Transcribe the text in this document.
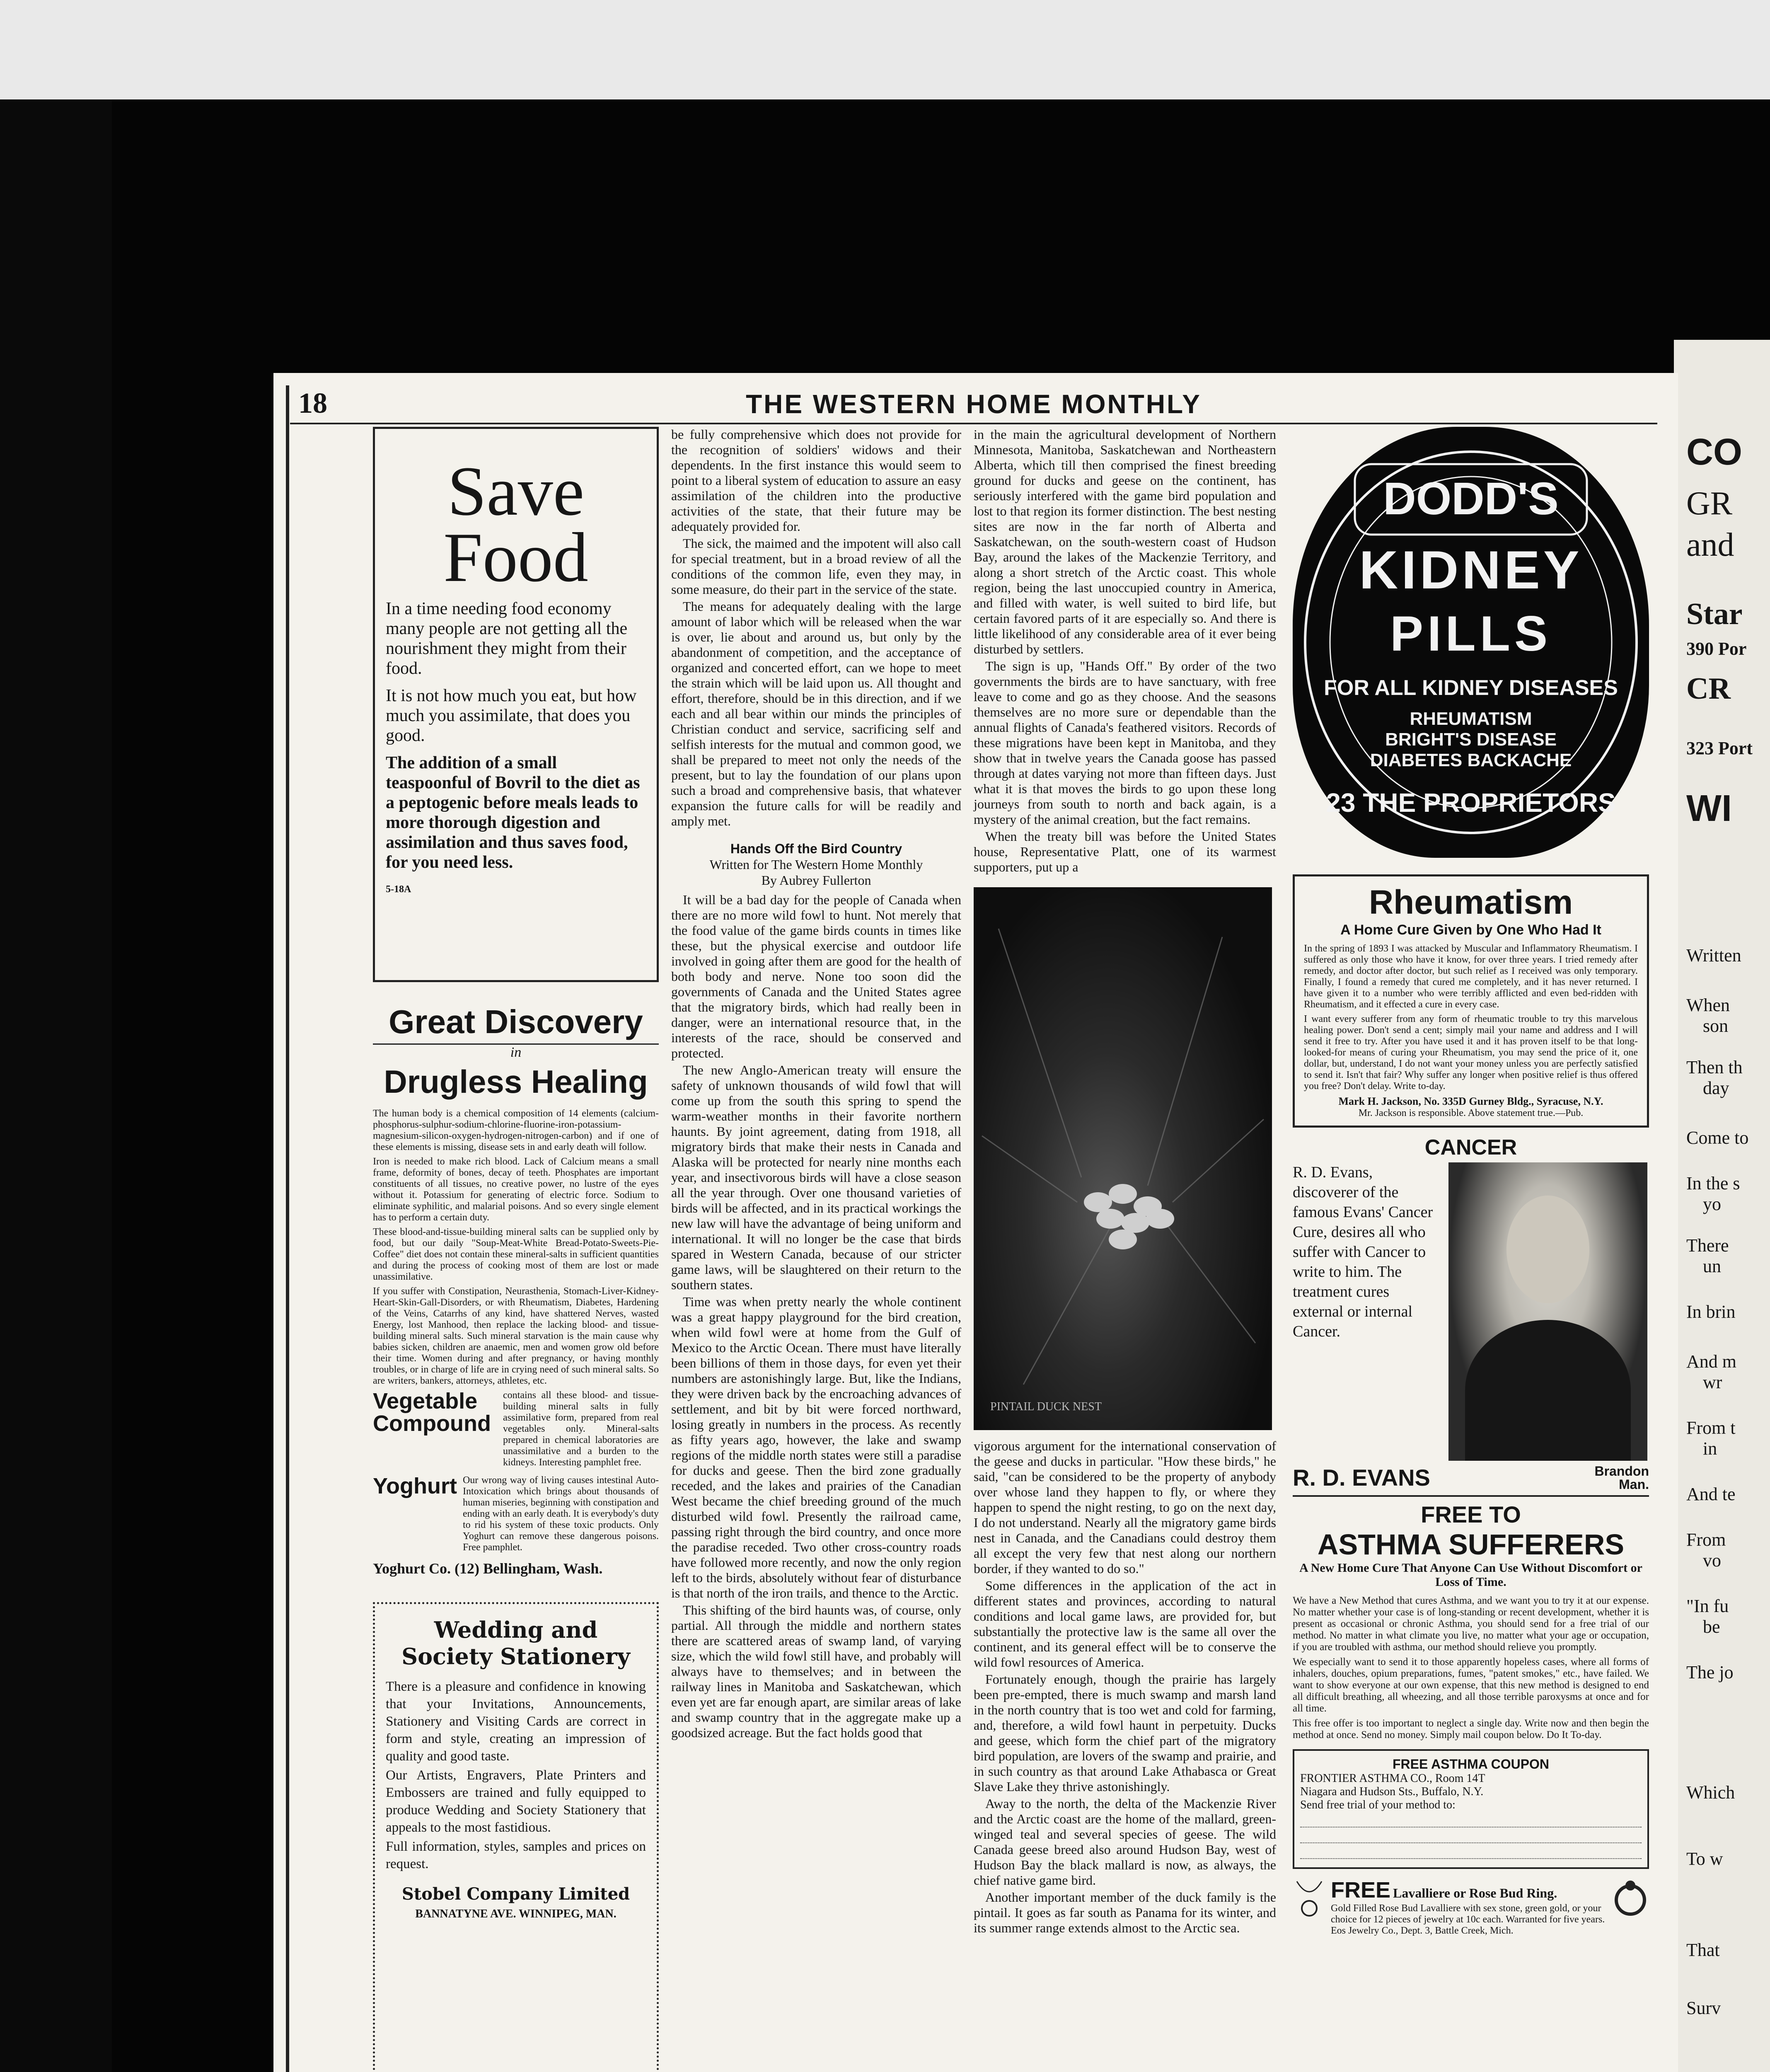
CO
GR
and
Star
390 Por
CR
323 Port
WI
Written
When
son
Then th
day
Come to
In the s
yo
There
un
In brin
And m
wr
From t
in
And te
From
vo
"In fu
be
The jo
Which
To w
That
Surv
18	THE WESTERN HOME MONTHLY
Save Food

In a time needing food economy many people are not getting all the nourishment they might from their food.

It is not how much you eat, but how much you assimilate, that does you good.

The addition of a small teaspoonful of Bovril to the diet as a peptogenic before meals leads to more thorough digestion and assimilation and thus saves food, for you need less.

5-18A
Great Discovery
in
Drugless Healing

The human body is a chemical composition of 14 elements (calcium-phosphorus-sulphur-sodium-chlorine-fluorine-iron-potassium-magnesium-silicon-oxygen-hydrogen-nitrogen-carbon) and if one of these elements is missing, disease sets in and early death will follow.

Iron is needed to make rich blood. Lack of Calcium means a small frame, deformity of bones, decay of teeth. Phosphates are important constituents of all tissues, no creative power, no lustre of the eyes without it. Potassium for generating of electric force. Sodium to eliminate syphilitic, and malarial poisons. And so every single element has to perform a certain duty.

These blood-and-tissue-building mineral salts can be supplied only by food, but our daily "Soup-Meat-White Bread-Potato-Sweets-Pie-Coffee" diet does not contain these mineral-salts in sufficient quantities and during the process of cooking most of them are lost or made unassimilative.

If you suffer with Constipation, Neurasthenia, Stomach-Liver-Kidney-Heart-Skin-Gall-Disorders, or with Rheumatism, Diabetes, Hardening of the Veins, Catarrhs of any kind, have shattered Nerves, wasted Energy, lost Manhood, then replace the lacking blood- and tissue-building mineral salts. Such mineral starvation is the main cause why babies sicken, children are anaemic, men and women grow old before their time. Women during and after pregnancy, or having monthly troubles, or in charge of life are in crying need of such mineral salts. So are writers, bankers, attorneys, athletes, etc.

Vegetable Compound
contains all these blood- and tissue-building mineral salts in fully assimilative form, prepared from real vegetables only. Mineral-salts prepared in chemical laboratories are unassimilative and a burden to the kidneys. Interesting pamphlet free.
Yoghurt Our wrong way of living causes intestinal Auto-Intoxication which brings about thousands of human miseries, beginning with constipation and ending with an early death. It is everybody's duty to rid his system of these toxic products. Only Yoghurt can remove these dangerous poisons. Free pamphlet.
Yoghurt Co. (12) Bellingham, Wash.
Wedding and
Society Stationery

There is a pleasure and confidence in knowing that your Invitations, Announcements, Stationery and Visiting Cards are correct in form and style, creating an impression of quality and good taste.

Our Artists, Engravers, Plate Printers and Embossers are trained and fully equipped to produce Wedding and Society Stationery that appeals to the most fastidious.

Full information, styles, samples and prices on request.

Stobel Company Limited
BANNATYNE AVE. WINNIPEG, MAN.

be fully comprehensive which does not provide for the recognition of soldiers' widows and their dependents. In the first instance this would seem to point to a liberal system of education to assure an easy assimilation of the children into the productive activities of the state, that their future may be adequately provided for.

The sick, the maimed and the impotent will also call for special treatment, but in a broad review of all the conditions of the common life, even they may, in some measure, do their part in the service of the state.

The means for adequately dealing with the large amount of labor which will be released when the war is over, lie about and around us, but only by the abandonment of competition, and the acceptance of organized and concerted effort, can we hope to meet the strain which will be laid upon us. All thought and effort, therefore, should be in this direction, and if we each and all bear within our minds the principles of Christian conduct and service, sacrificing self and selfish interests for the mutual and common good, we shall be prepared to meet not only the needs of the present, but to lay the foundation of our plans upon such a broad and comprehensive basis, that whatever expansion the future calls for will be readily and amply met.

Hands Off the Bird Country
Written for The Western Home Monthly
By Aubrey Fullerton

It will be a bad day for the people of Canada when there are no more wild fowl to hunt. Not merely that the food value of the game birds counts in times like these, but the physical exercise and outdoor life involved in going after them are good for the health of both body and nerve. None too soon did the governments of Canada and the United States agree that the migratory birds, which had really been in danger, were an international resource that, in the interests of the race, should be conserved and protected.

The new Anglo-American treaty will ensure the safety of unknown thousands of wild fowl that will come up from the south this spring to spend the warm-weather months in their favorite northern haunts. By joint agreement, dating from 1918, all migratory birds that make their nests in Canada and Alaska will be protected for nearly nine months each year, and insectivorous birds will have a close season all the year through. Over one thousand varieties of birds will be affected, and in its practical workings the new law will have the advantage of being uniform and international. It will no longer be the case that birds spared in Western Canada, because of our stricter game laws, will be slaughtered on their return to the southern states.

Time was when pretty nearly the whole continent was a great happy playground for the bird creation, when wild fowl were at home from the Gulf of Mexico to the Arctic Ocean. There must have literally been billions of them in those days, for even yet their numbers are astonishingly large. But, like the Indians, they were driven back by the encroaching advances of settlement, and bit by bit were forced northward, losing greatly in numbers in the process. As recently as fifty years ago, however, the lake and swamp regions of the middle north states were still a paradise for ducks and geese. Then the bird zone gradually receded, and the lakes and prairies of the Canadian West became the chief breeding ground of the much disturbed wild fowl. Presently the railroad came, passing right through the bird country, and once more the paradise receded. Two other cross-country roads have followed more recently, and now the only region left to the birds, absolutely without fear of disturbance is that north of the iron trails, and thence to the Arctic.

This shifting of the bird haunts was, of course, only partial. All through the middle and northern states there are scattered areas of swamp land, of varying size, which the wild fowl still have, and probably will always have to themselves; and in between the railway lines in Manitoba and Saskatchewan, which even yet are far enough apart, are similar areas of lake and swamp country that in the aggregate make up a goodsized acreage. But the fact holds good that

in the main the agricultural development of Northern Minnesota, Manitoba, Saskatchewan and Northeastern Alberta, which till then comprised the finest breeding ground for ducks and geese on the continent, has seriously interfered with the game bird population and lost to that region its former distinction. The best nesting sites are now in the far north of Alberta and Saskatchewan, on the south-western coast of Hudson Bay, around the lakes of the Mackenzie Territory, and along a short stretch of the Arctic coast. This whole region, being the last unoccupied country in America, and filled with water, is well suited to bird life, but certain favored parts of it are especially so. And there is little likelihood of any considerable area of it ever being disturbed by settlers.

The sign is up, "Hands Off." By order of the two governments the birds are to have sanctuary, with free leave to come and go as they choose. And the seasons themselves are no more sure or dependable than the annual flights of Canada's feathered visitors. Records of these migrations have been kept in Manitoba, and they show that in twelve years the Canada goose has passed through at dates varying not more than fifteen days. Just what it is that moves the birds to go upon these long journeys from south to north and back again, is a mystery of the animal creation, but the fact remains.

When the treaty bill was before the United States house, Representative Platt, one of its warmest supporters, put up a

PINTAIL DUCK NEST

vigorous argument for the international conservation of the geese and ducks in particular. "How these birds," he said, "can be considered to be the property of anybody over whose land they happen to fly, or where they happen to spend the night resting, to go on the next day, I do not understand. Nearly all the migratory game birds nest in Canada, and the Canadians could destroy them all except the very few that nest along our northern border, if they wanted to do so."

Some differences in the application of the act in different states and provinces, according to natural conditions and local game laws, are provided for, but substantially the protective law is the same all over the continent, and its general effect will be to conserve the wild fowl resources of America.

Fortunately enough, though the prairie has largely been pre-empted, there is much swamp and marsh land in the north country that is too wet and cold for farming, and, therefore, a wild fowl haunt in perpetuity. Ducks and geese, which form the chief part of the migratory bird population, are lovers of the swamp and prairie, and in such country as that around Lake Athabasca or Great Slave Lake they thrive astonishingly.

Away to the north, the delta of the Mackenzie River and the Arctic coast are the home of the mallard, green-winged teal and several species of geese. The wild Canada geese breed also around Hudson Bay, west of Hudson Bay the black mallard is now, as always, the chief native game bird.

Another important member of the duck family is the pintail. It goes as far south as Panama for its winter, and its summer range extends almost to the Arctic sea.

DODD'S
KIDNEY
PILLS
FOR ALL KIDNEY DISEASES
RHEUMATISM
BRIGHT'S DISEASE
DIABETES BACKACHE
23 THE PROPRIETORS
Rheumatism
A Home Cure Given by One Who Had It

In the spring of 1893 I was attacked by Muscular and Inflammatory Rheumatism. I suffered as only those who have it know, for over three years. I tried remedy after remedy, and doctor after doctor, but such relief as I received was only temporary. Finally, I found a remedy that cured me completely, and it has never returned. I have given it to a number who were terribly afflicted and even bed-ridden with Rheumatism, and it effected a cure in every case.

I want every sufferer from any form of rheumatic trouble to try this marvelous healing power. Don't send a cent; simply mail your name and address and I will send it free to try. After you have used it and it has proven itself to be that long-looked-for means of curing your Rheumatism, you may send the price of it, one dollar, but, understand, I do not want your money unless you are perfectly satisfied to send it. Isn't that fair? Why suffer any longer when positive relief is thus offered you free? Don't delay. Write to-day.

Mark H. Jackson, No. 335D Gurney Bldg., Syracuse, N.Y.
Mr. Jackson is responsible. Above statement true.—Pub.
CANCER
R. D. Evans, discoverer of the famous Evans' Cancer Cure, desires all who suffer with Cancer to write to him. The treatment cures external or internal Cancer.
R. D. EVANS	Brandon
Man.
FREE TO
ASTHMA SUFFERERS
A New Home Cure That Anyone Can Use Without Discomfort or Loss of Time.

We have a New Method that cures Asthma, and we want you to try it at our expense. No matter whether your case is of long-standing or recent development, whether it is present as occasional or chronic Asthma, you should send for a free trial of our method. No matter in what climate you live, no matter what your age or occupation, if you are troubled with asthma, our method should relieve you promptly.

We especially want to send it to those apparently hopeless cases, where all forms of inhalers, douches, opium preparations, fumes, "patent smokes," etc., have failed. We want to show everyone at our own expense, that this new method is designed to end all difficult breathing, all wheezing, and all those terrible paroxysms at once and for all time.

This free offer is too important to neglect a single day. Write now and then begin the method at once. Send no money. Simply mail coupon below. Do It To-day.

FREE ASTHMA COUPON
FRONTIER ASTHMA CO., Room 14T
Niagara and Hudson Sts., Buffalo, N.Y.
Send free trial of your method to:
FREE Lavalliere or Rose Bud Ring.
Gold Filled Rose Bud Lavalliere with sex stone, green gold, or your choice for 12 pieces of jewelry at 10c each. Warranted for five years. Eos Jewelry Co., Dept. 3, Battle Creek, Mich.
